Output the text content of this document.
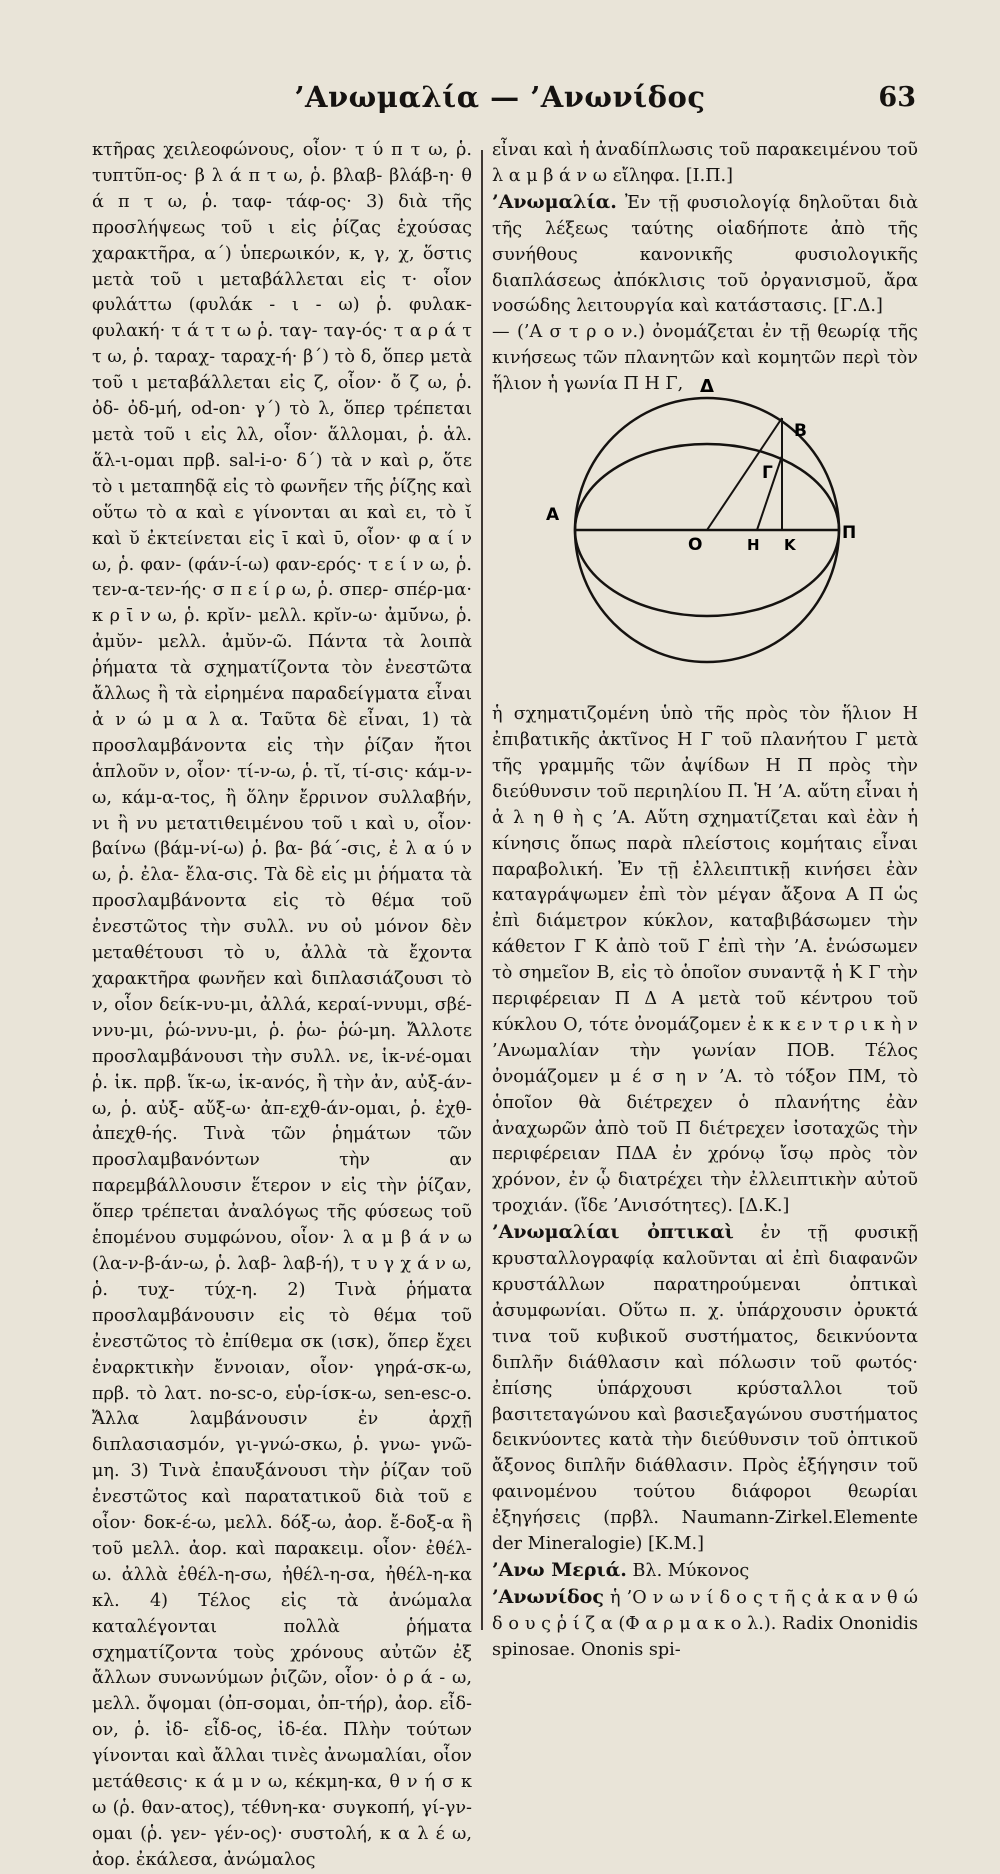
’Ανωμαλία — ’Ανωνίδος	63

κτῆρας χειλεοφώνους, οἷον· τ ύ π τ ω, ῥ. τυπτῦπ-ος· β λ ά π τ ω, ῥ. βλαβ- βλάβ-η· θ ά π τ ω, ῥ. ταφ- τάφ-ος· 3) διὰ τῆς προσλήψεως τοῦ ι εἰς ῥίζας ἐχούσας χαρακτῆρα, α΄) ὑπερωικόν, κ, γ, χ, ὅστις μετὰ τοῦ ι μεταβάλλεται εἰς τ· οἷον φυλάττω (φυλάκ - ι - ω) ῥ. φυλακ- φυλακή· τ ά τ τ ω ῥ. ταγ- ταγ-ός· τ α ρ ά τ τ ω, ῥ. ταραχ- ταραχ-ή· β΄) τὸ δ, ὅπερ μετὰ τοῦ ι μεταβάλλεται εἰς ζ, οἷον· ὄ ζ ω, ῥ. ὀδ- ὀδ-μή, od-on· γ΄) τὸ λ, ὅπερ τρέπεται μετὰ τοῦ ι εἰς λλ, οἷον· ἅλλομαι, ῥ. ἁλ. ἅλ-ι-ομαι πρβ. sal-i-o· δ΄) τὰ ν καὶ ρ, ὅτε τὸ ι μεταπηδᾷ εἰς τὸ φωνῆεν τῆς ῥίζης καὶ οὕτω τὸ α καὶ ε γίνονται αι καὶ ει, τὸ ῐ καὶ ῠ ἐκτείνεται εἰς ῑ καὶ ῡ, οἷον· φ α ί ν ω, ῥ. φαν- (φάν-ί-ω) φαν-ερός· τ ε ί ν ω, ῥ. τεν-α-τεν-ής· σ π ε ί ρ ω, ῥ. σπερ- σπέρ-μα· κ ρ ῑ ν ω, ῥ. κρῐν- μελλ. κρῐν-ω· ἀμῡ́νω, ῥ. ἀμῠν- μελλ. ἀμῠν-ῶ. Πάντα τὰ λοιπὰ ῥήματα τὰ σχηματίζοντα τὸν ἐνεστῶτα ἄλλως ἢ τὰ εἰρημένα παραδείγματα εἶναι ἀ ν ώ μ α λ α. Ταῦτα δὲ εἶναι, 1) τὰ προσλαμβάνοντα εἰς τὴν ῥίζαν ἤτοι ἁπλοῦν ν, οἷον· τί-ν-ω, ῥ. τῐ, τί-σις· κάμ-ν-ω, κάμ-α-τος, ἢ ὅλην ἔρρινον συλλαβήν, νι ἢ νυ μετατιθειμένου τοῦ ι καὶ υ, οἷον· βαίνω (βάμ-νί-ω) ῥ. βα- βά΄-σις, ἐ λ α ύ ν ω, ῥ. ἐλα- ἔλα-σις. Τὰ δὲ εἰς μι ῥήματα τὰ προσλαμβάνοντα εἰς τὸ θέμα τοῦ ἐνεστῶτος τὴν συλλ. νυ οὐ μόνον δὲν μεταθέτουσι τὸ υ, ἀλλὰ τὰ ἔχοντα χαρακτῆρα φωνῆεν καὶ διπλασιάζουσι τὸ ν, οἷον δείκ-νυ-μι, ἀλλά, κεραί-ννυμι, σβέ-ννυ-μι, ῥώ-ννυ-μι, ῥ. ῥω- ῥώ-μη. Ἄλλοτε προσλαμβάνουσι τὴν συλλ. νε, ἱκ-νέ-ομαι ῥ. ἱκ. πρβ. ἵκ-ω, ἱκ-ανός, ἢ τὴν ἀν, αὐξ-άν-ω, ῥ. αὐξ- αὔξ-ω· ἀπ-εχθ-άν-ομαι, ῥ. ἐχθ- ἀπεχθ-ής. Τινὰ τῶν ῥημάτων τῶν προσλαμβανόντων τὴν αν παρεμβάλλουσιν ἕτερον ν εἰς τὴν ῥίζαν, ὅπερ τρέπεται ἀναλόγως τῆς φύσεως τοῦ ἑπομένου συμφώνου, οἷον· λ α μ β ά ν ω (λα-ν-β-άν-ω, ῥ. λαβ- λαβ-ή), τ υ γ χ ά ν ω, ῥ. τυχ- τύχ-η. 2) Τινὰ ῥήματα προσλαμβάνουσιν εἰς τὸ θέμα τοῦ ἐνεστῶτος τὸ ἐπίθεμα σκ (ισκ), ὅπερ ἔχει ἐναρκτικὴν ἔννοιαν, οἷον· γηρά-σκ-ω, πρβ. τὸ λατ. no-sc-o, εὑρ-ίσκ-ω, sen-esc-o. Ἄλλα λαμβάνουσιν ἐν ἀρχῇ διπλασιασμόν, γι-γνώ-σκω, ῥ. γνω- γνῶ-μη. 3) Τινὰ ἐπαυξάνουσι τὴν ῥίζαν τοῦ ἐνεστῶτος καὶ παρατατικοῦ διὰ τοῦ ε οἷον· δοκ-έ-ω, μελλ. δόξ-ω, ἀορ. ἔ-δοξ-α ἢ τοῦ μελλ. ἀορ. καὶ παρακειμ. οἷον· ἐθέλ-ω. ἀλλὰ ἐθέλ-η-σω, ἠθέλ-η-σα, ἠθέλ-η-κα κλ. 4) Τέλος εἰς τὰ ἀνώμαλα καταλέγονται πολλὰ ῥήματα σχηματίζοντα τοὺς χρόνους αὐτῶν ἐξ ἄλλων συνωνύμων ῥιζῶν, οἷον· ὁ ρ ά - ω, μελλ. ὄψομαι (ὀπ-σομαι, ὀπ-τήρ), ἀορ. εἶδ-ον, ῥ. ἰδ- εἶδ-ος, ἰδ-έα. Πλὴν τούτων γίνονται καὶ ἄλλαι τινὲς ἀνωμαλίαι, οἷον μετάθεσις· κ ά μ ν ω, κέκμη-κα, θ ν ή σ κ ω (ῥ. θαν-ατος), τέθνη-κα· συγκοπή, γί-γν-ομαι (ῥ. γεν- γέν-ος)· συστολή, κ α λ έ ω, ἀορ. ἐκάλεσα, ἀνώμαλος

εἶναι καὶ ἡ ἀναδίπλωσις τοῦ παρακειμένου τοῦ λ α μ β ά ν ω εἴληφα. [Ι.Π.]

’Ανωμαλία. Ἐν τῇ φυσιολογίᾳ δηλοῦται διὰ τῆς λέξεως ταύτης οἱαδήποτε ἀπὸ τῆς συνήθους κανονικῆς φυσιολογικῆς διαπλάσεως ἀπόκλισις τοῦ ὀργανισμοῦ, ἄρα νοσώδης λειτουργία καὶ κατάστασις. [Γ.Δ.]

— (’Α σ τ ρ ο ν.) ὀνομάζεται ἐν τῇ θεωρίᾳ τῆς κινήσεως τῶν πλανητῶν καὶ κομητῶν περὶ τὸν ἥλιον ἡ γωνία Π Η Γ,

ἡ σχηματιζομένη ὑπὸ τῆς πρὸς τὸν ἥλιον Η ἐπιβατικῆς ἀκτῖνος Η Γ τοῦ πλανήτου Γ μετὰ τῆς γραμμῆς τῶν ἀψίδων Η Π πρὸς τὴν διεύθυνσιν τοῦ περιηλίου Π. Ἡ ’Α. αὕτη εἶναι ἡ ἀ λ η θ ὴ ς ’Α. Αὕτη σχηματίζεται καὶ ἐὰν ἡ κίνησις ὅπως παρὰ πλείστοις κομήταις εἶναι παραβολική. Ἐν τῇ ἐλλειπτικῇ κινήσει ἐὰν καταγράψωμεν ἐπὶ τὸν μέγαν ἄξονα Α Π ὡς ἐπὶ διάμετρον κύκλον, καταβιβάσωμεν τὴν κάθετον Γ Κ ἀπὸ τοῦ Γ ἐπὶ τὴν ’Α. ἑνώσωμεν τὸ σημεῖον Β, εἰς τὸ ὁποῖον συναντᾷ ἡ Κ Γ τὴν περιφέρειαν Π Δ Α μετὰ τοῦ κέντρου τοῦ κύκλου Ο, τότε ὀνομάζομεν ἐ κ κ ε ν τ ρ ι κ ὴ ν ’Ανωμαλίαν τὴν γωνίαν ΠΟΒ. Τέλος ὀνομάζομεν μ έ σ η ν ’Α. τὸ τόξον ΠΜ, τὸ ὁποῖον θὰ διέτρεχεν ὁ πλανήτης ἐὰν ἀναχωρῶν ἀπὸ τοῦ Π διέτρεχεν ἰσοταχῶς τὴν περιφέρειαν ΠΔΑ ἐν χρόνῳ ἴσῳ πρὸς τὸν χρόνον, ἐν ᾧ διατρέχει τὴν ἐλλειπτικὴν αὐτοῦ τροχιάν. (ἴδε ’Ανισότητες). [Δ.Κ.]

’Ανωμαλίαι ὀπτικαὶ ἐν τῇ φυσικῇ κρυσταλλογραφίᾳ καλοῦνται αἱ ἐπὶ διαφανῶν κρυστάλλων παρατηρούμεναι ὀπτικαὶ ἀσυμφωνίαι. Οὕτω π. χ. ὑπάρχουσιν ὀρυκτά τινα τοῦ κυβικοῦ συστήματος, δεικνύοντα διπλῆν διάθλασιν καὶ πόλωσιν τοῦ φωτός· ἐπίσης ὑπάρχουσι κρύσταλλοι τοῦ βασιτεταγώνου καὶ βασιεξαγώνου συστήματος δεικνύοντες κατὰ τὴν διεύθυνσιν τοῦ ὀπτικοῦ ἄξονος διπλῆν διάθλασιν. Πρὸς ἐξήγησιν τοῦ φαινομένου τούτου διάφοροι θεωρίαι ἐξηγήσεις (πρβλ. Naumann-Zirkel.Elemente der Mineralogie) [Κ.Μ.]

’Ανω Μεριά. Βλ. Μύκονος

’Ανωνίδος ἡ ’Ο ν ω ν ί δ ο ς τ ῆ ς ἀ κ α ν θ ώ δ ο υ ς ῥ ί ζ α (Φ α ρ μ α κ ο λ.). Radix Ononidis spinosae. Ononis spi-

Δ
B
Γ
A
O	H K
Π
